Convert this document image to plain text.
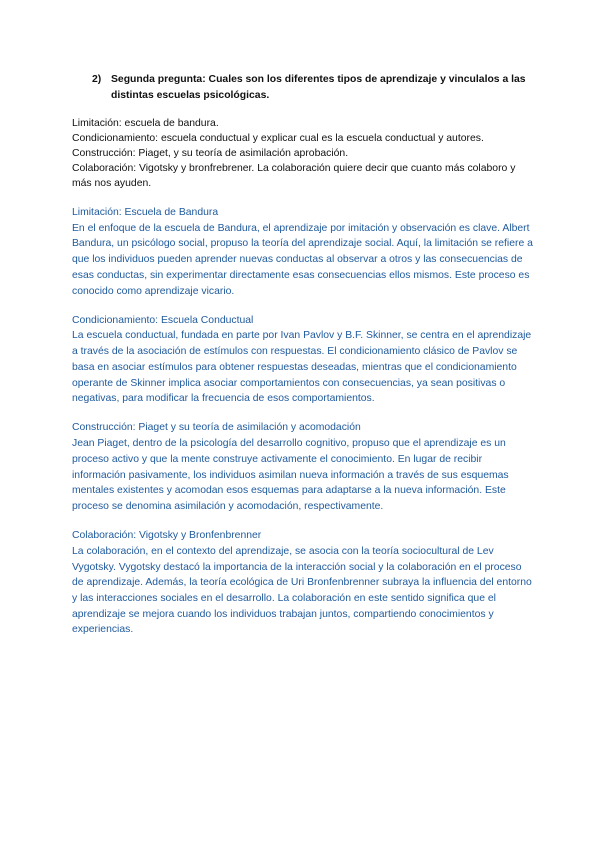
2) Segunda pregunta: Cuales son los diferentes tipos de aprendizaje y vinculalos a las distintas escuelas psicológicas.

Limitación: escuela de bandura.

Condicionamiento: escuela conductual y explicar cual es la escuela conductual y autores.

Construcción: Piaget, y su teoría de asimilación aprobación.

Colaboración: Vigotsky y bronfrebrener. La colaboración quiere decir que cuanto más colaboro y más nos ayuden.

Limitación: Escuela de Bandura
En el enfoque de la escuela de Bandura, el aprendizaje por imitación y observación es clave. Albert Bandura, un psicólogo social, propuso la teoría del aprendizaje social. Aquí, la limitación se refiere a que los individuos pueden aprender nuevas conductas al observar a otros y las consecuencias de esas conductas, sin experimentar directamente esas consecuencias ellos mismos. Este proceso es conocido como aprendizaje vicario.
Condicionamiento: Escuela Conductual
La escuela conductual, fundada en parte por Ivan Pavlov y B.F. Skinner, se centra en el aprendizaje a través de la asociación de estímulos con respuestas. El condicionamiento clásico de Pavlov se basa en asociar estímulos para obtener respuestas deseadas, mientras que el condicionamiento operante de Skinner implica asociar comportamientos con consecuencias, ya sean positivas o negativas, para modificar la frecuencia de esos comportamientos.
Construcción: Piaget y su teoría de asimilación y acomodación
Jean Piaget, dentro de la psicología del desarrollo cognitivo, propuso que el aprendizaje es un proceso activo y que la mente construye activamente el conocimiento. En lugar de recibir información pasivamente, los individuos asimilan nueva información a través de sus esquemas mentales existentes y acomodan esos esquemas para adaptarse a la nueva información. Este proceso se denomina asimilación y acomodación, respectivamente.
Colaboración: Vigotsky y Bronfenbrenner
La colaboración, en el contexto del aprendizaje, se asocia con la teoría sociocultural de Lev Vygotsky. Vygotsky destacó la importancia de la interacción social y la colaboración en el proceso de aprendizaje. Además, la teoría ecológica de Uri Bronfenbrenner subraya la influencia del entorno y las interacciones sociales en el desarrollo. La colaboración en este sentido significa que el aprendizaje se mejora cuando los individuos trabajan juntos, compartiendo conocimientos y experiencias.
